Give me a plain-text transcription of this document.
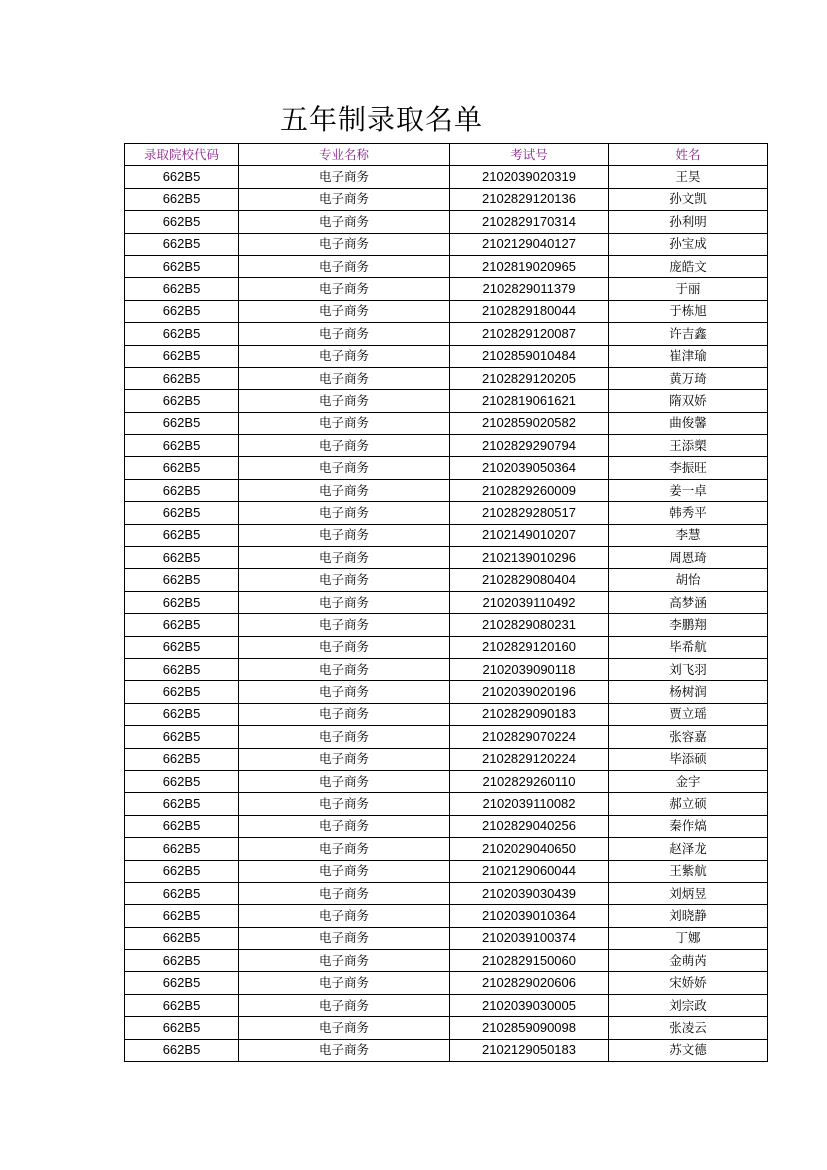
五年制录取名单
录取院校代码	专业名称	考试号	姓名
662B5	电子商务	2102039020319	王昊
662B5	电子商务	2102829120136	孙文凯
662B5	电子商务	2102829170314	孙利明
662B5	电子商务	2102129040127	孙宝成
662B5	电子商务	2102819020965	庞皓文
662B5	电子商务	2102829011379	于丽
662B5	电子商务	2102829180044	于栋旭
662B5	电子商务	2102829120087	许吉鑫
662B5	电子商务	2102859010484	崔津瑜
662B5	电子商务	2102829120205	黄万琦
662B5	电子商务	2102819061621	隋双娇
662B5	电子商务	2102859020582	曲俊馨
662B5	电子商务	2102829290794	王添槊
662B5	电子商务	2102039050364	李振旺
662B5	电子商务	2102829260009	姜一卓
662B5	电子商务	2102829280517	韩秀平
662B5	电子商务	2102149010207	李慧
662B5	电子商务	2102139010296	周恩琦
662B5	电子商务	2102829080404	胡怡
662B5	电子商务	2102039110492	高梦涵
662B5	电子商务	2102829080231	李鹏翔
662B5	电子商务	2102829120160	毕希航
662B5	电子商务	2102039090118	刘飞羽
662B5	电子商务	2102039020196	杨树润
662B5	电子商务	2102829090183	贾立瑶
662B5	电子商务	2102829070224	张容嘉
662B5	电子商务	2102829120224	毕添硕
662B5	电子商务	2102829260110	金宇
662B5	电子商务	2102039110082	郝立硕
662B5	电子商务	2102829040256	秦作熇
662B5	电子商务	2102029040650	赵泽龙
662B5	电子商务	2102129060044	王紫航
662B5	电子商务	2102039030439	刘炳昱
662B5	电子商务	2102039010364	刘晓静
662B5	电子商务	2102039100374	丁娜
662B5	电子商务	2102829150060	金萌芮
662B5	电子商务	2102829020606	宋娇娇
662B5	电子商务	2102039030005	刘宗政
662B5	电子商务	2102859090098	张凌云
662B5	电子商务	2102129050183	苏文德
